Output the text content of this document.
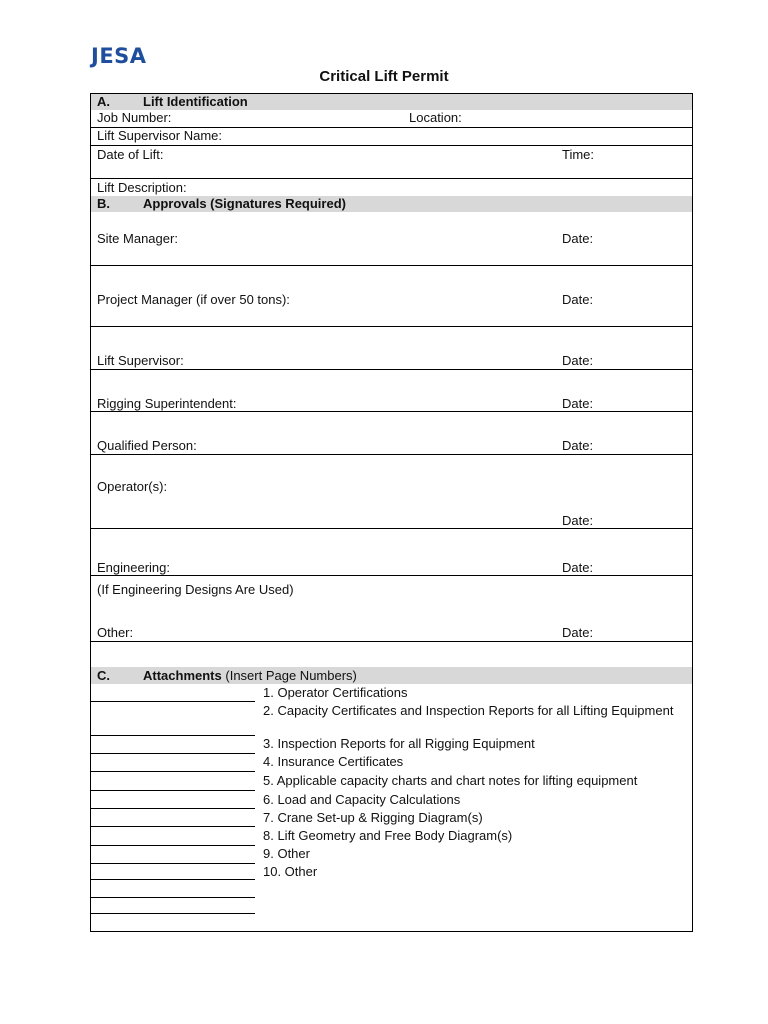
JESA
Critical Lift Permit
A.	Lift Identification
Job Number:	Location:
Lift Supervisor Name:
Date of Lift:	Time:
Lift Description:
B.	Approvals (Signatures Required)
Site Manager:	Date:
Project Manager (if over 50 tons):	Date:
Lift Supervisor:	Date:
Rigging Superintendent:	Date:
Qualified Person:	Date:
Operator(s):
Date:
Engineering:	Date:
(If Engineering Designs Are Used)
Other:	Date:
C.	Attachments (Insert Page Numbers)
1. Operator Certifications
2. Capacity Certificates and Inspection Reports for all Lifting Equipment
3. Inspection Reports for all Rigging Equipment
4. Insurance Certificates
5. Applicable capacity charts and chart notes for lifting equipment
6. Load and Capacity Calculations
7. Crane Set-up & Rigging Diagram(s)
8. Lift Geometry and Free Body Diagram(s)
9. Other
10. Other
